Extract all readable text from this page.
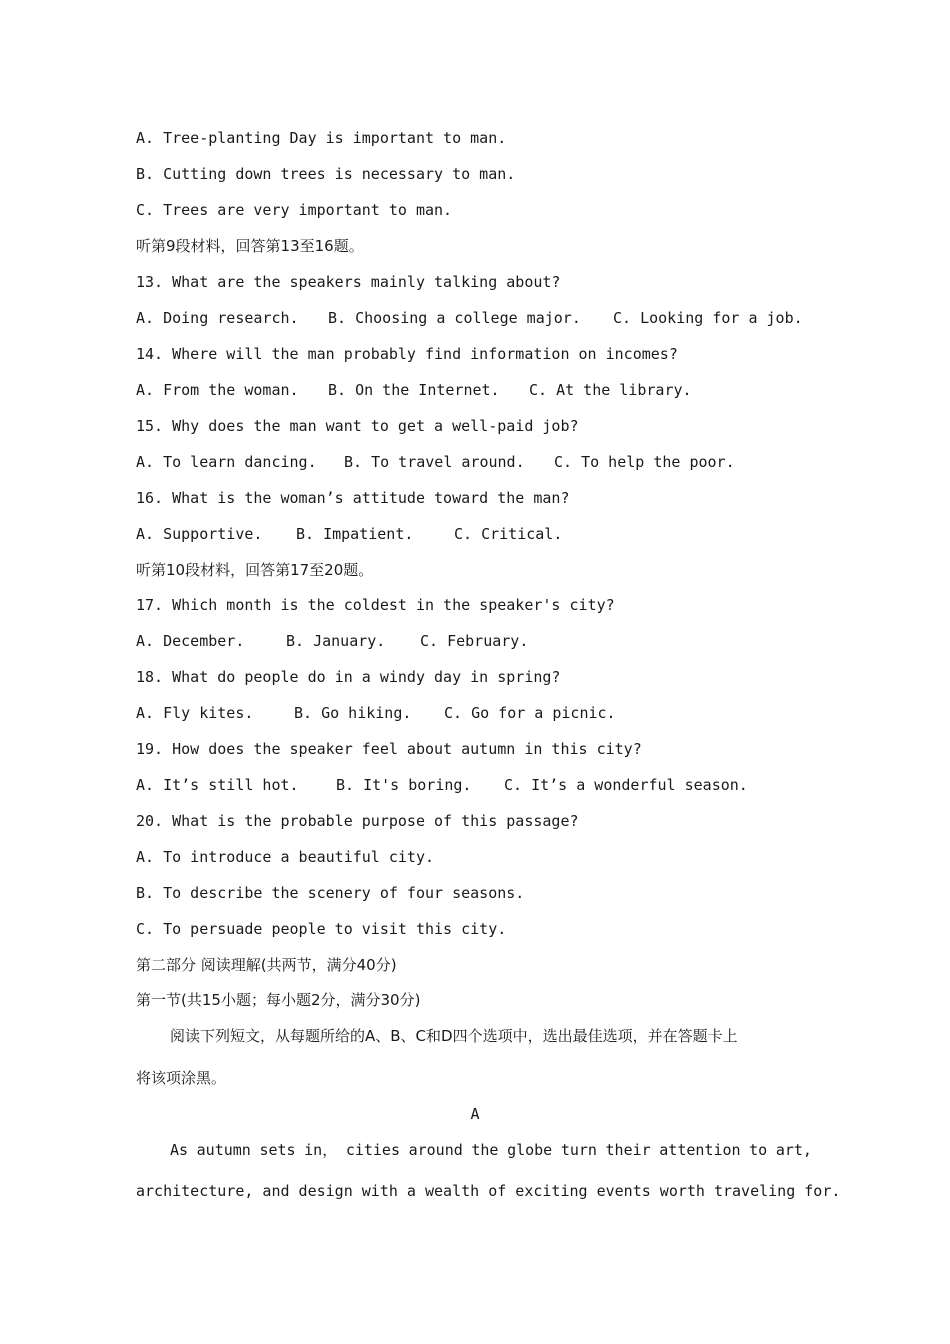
A. Tree-planting Day is important to man.
B. Cutting down trees is necessary to man.
C. Trees are very important to man.
听第9段材料，回答第13至16题。
13. What are the speakers mainly talking about?
A. Doing research.	B. Choosing a college major.	C. Looking for a job.
14. Where will the man probably find information on incomes?
A. From the woman.	B. On the Internet.	C. At the library.
15. Why does the man want to get a well-paid job?
A. To learn dancing.	B. To travel around.	C. To help the poor.
16. What is the woman’s attitude toward the man?
A. Supportive.	B. Impatient.	C. Critical.
听第10段材料，回答第17至20题。
17. Which month is the coldest in the speaker's city?
A. December.	B. January.	C. February.
18. What do people do in a windy day in spring?
A. Fly kites.	B. Go hiking.	C. Go for a picnic.
19. How does the speaker feel about autumn in this city?
A. It’s still hot.	B. It's boring.	C. It’s a wonderful season.
20. What is the probable purpose of this passage?
A. To introduce a beautiful city.
B. To describe the scenery of four seasons.
C. To persuade people to visit this city.
第二部分 阅读理解(共两节，满分40分)
第一节(共15小题；每小题2分，满分30分)
阅读下列短文，从每题所给的A、B、C和D四个选项中，选出最佳选项，并在答题卡上
将该项涂黑。
A
As autumn sets in， cities around the globe turn their attention to art,
architecture, and design with a wealth of exciting events worth traveling for.
